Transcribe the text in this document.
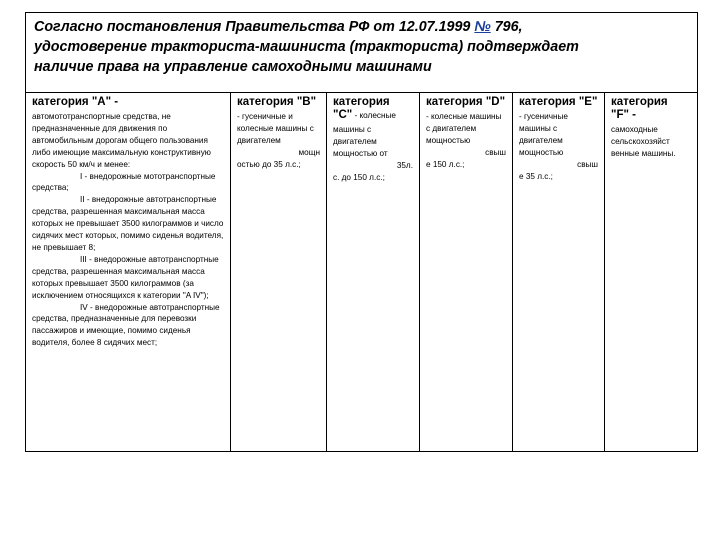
Согласно постановления Правительства РФ от 12.07.1999 № 796,
удостоверение тракториста-машиниста (тракториста) подтверждает
наличие права на управление самоходными машинами
категория "A" -
автомототранспортные средства, не предназначенные для движения по автомобильным дорогам общего пользования либо имеющие максимальную конструктивную скорость 50 км/ч и менее:
I - внедорожные мототранспортные средства;
II - внедорожные автотранспортные средства, разрешенная максимальная масса которых не превышает 3500 килограммов и число сидячих мест которых, помимо сиденья водителя, не превышает 8;
III - внедорожные автотранспортные средства, разрешенная максимальная масса которых превышает 3500 килограммов (за исключением относящихся к категории "A IV");
IV - внедорожные автотранспортные средства, предназначенные для перевозки пассажиров и имеющие, помимо сиденья водителя, более 8 сидячих мест;
категория "B"
- гусеничные и колесные машины с двигателем
мощн
остью до 35 л.с.;
категория
"C" - колесные
машины с двигателем мощностью от
35л.
с. до 150 л.с.;
категория "D"
- колесные машины с двигателем мощностью
свыш
е 150 л.с.;
категория "E"
- гусеничные машины с двигателем мощностью
свыш
е 35 л.с.;
категория
"F" -
самоходные сельскохозяйст венные машины.
